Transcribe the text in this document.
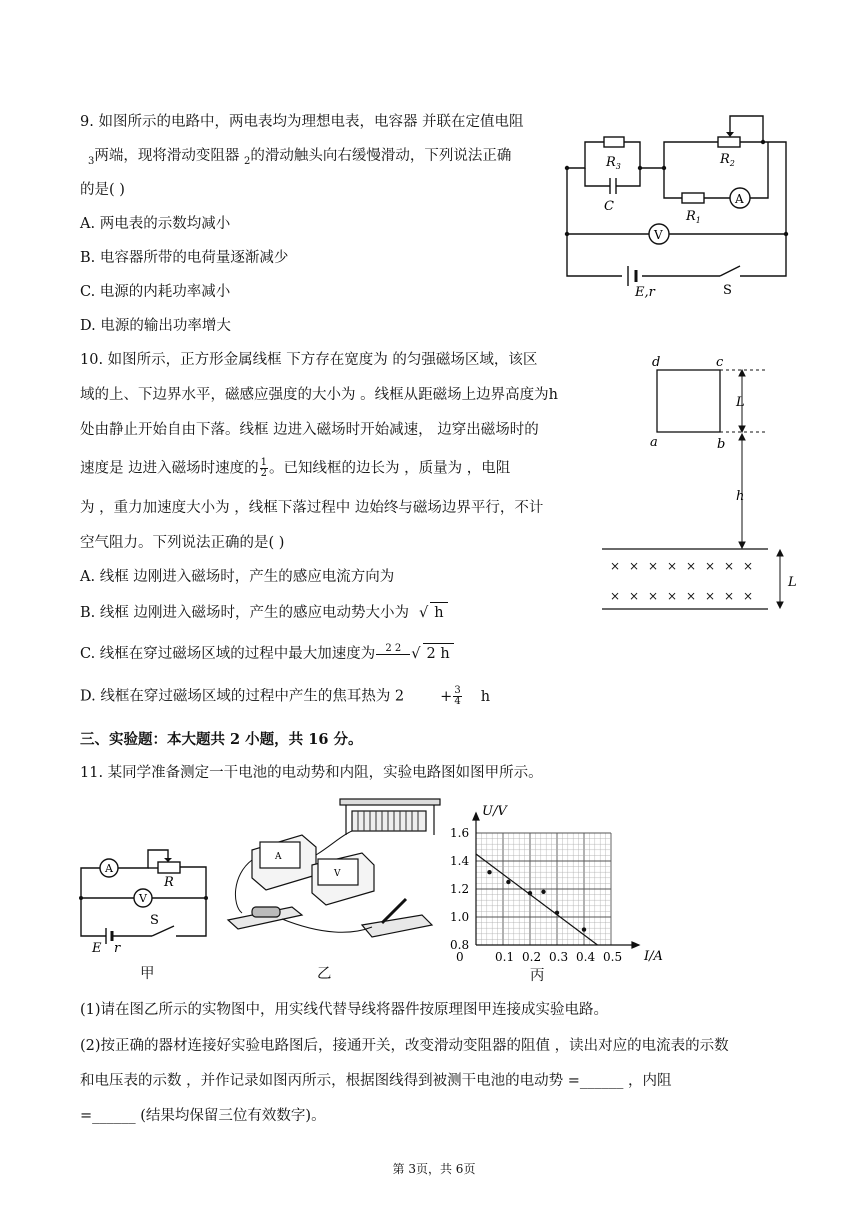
9. 如图所示的电路中，两电表均为理想电表，电容器 并联在定值电阻
$_3$两端，现将滑动变阻器 $_2$的滑动触头向右缓慢滑动，下列说法正确
的是( )
A. 两电表的示数均减小
B. 电容器所带的电荷量逐渐减少
C. 电源的内耗功率减小
D. 电源的输出功率增大
$R_3$
C
$R_2$
$R_1$
A
V
E,r	S
10. 如图所示，正方形金属线框 下方存在宽度为 的匀强磁场区域，该区
域的上、下边界水平，磁感应强度的大小为 。线框从距磁场上边界高度为h
处由静止开始自由下落。线框 边进入磁场时开始减速， 边穿出磁场时的
速度是 边进入磁场时速度的 $\frac{1}{2}$ 。已知线框的边长为 ，质量为 ，电阻
为 ，重力加速度大小为 ，线框下落过程中 边始终与磁场边界平行，不计
空气阻力。下列说法正确的是( )
A. 线框 边刚进入磁场时，产生的感应电流方向为
B. 线框 边刚进入磁场时，产生的感应电动势大小为 √ h
C. 线框在穿过磁场区域的过程中最大加速度为	2 2
√ 2 h
D. 线框在穿过磁场区域的过程中产生的焦耳热为 $2 + \frac{3}{4}$ h
× × × × × × × ×
× × × × × × × ×
d	c
a	b
L
h
L
三、实验题：本大题共 2 小题，共 16 分。
11. 某同学准备测定一干电池的电动势和内阻，实验电路图如图甲所示。
A
V
R
S
E r
甲
A
V
乙
0	0.1 0.2 0.3 0.4 0.5
0.8
1.0
1.2
1.4
1.6
U/V
I/A
丙
(1)请在图乙所示的实物图中，用实线代替导线将器件按原理图甲连接成实验电路。
(2)按正确的器材连接好实验电路图后，接通开关，改变滑动变阻器的阻值 ，读出对应的电流表的示数
和电压表的示数 ，并作记录如图丙所示，根据图线得到被测干电池的电动势 =______ ，内阻
=______ (结果均保留三位有效数字)。
第 3页，共 6页
